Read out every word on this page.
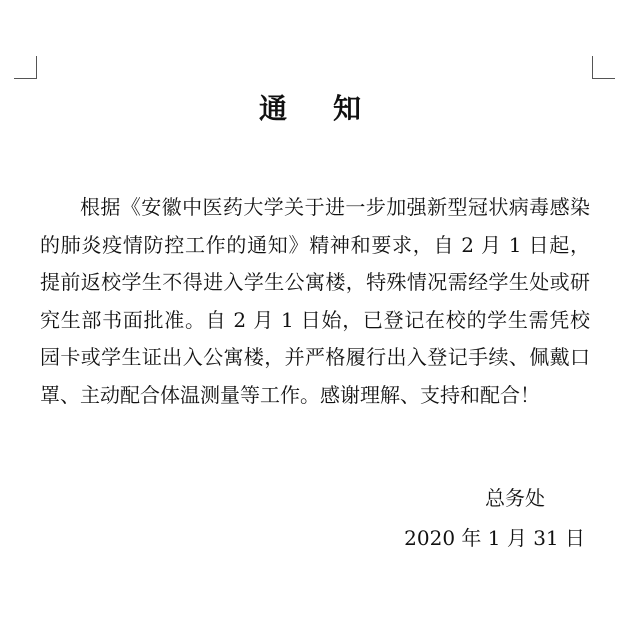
通 知

根据《安徽中医药大学关于进一步加强新型冠状病毒感染的肺炎疫情防控工作的通知》精神和要求，自 2 月 1 日起，提前返校学生不得进入学生公寓楼，特殊情况需经学生处或研究生部书面批准。自 2 月 1 日始，已登记在校的学生需凭校园卡或学生证出入公寓楼，并严格履行出入登记手续、佩戴口罩、主动配合体温测量等工作。感谢理解、支持和配合！

总务处
2020 年 1 月 31 日
